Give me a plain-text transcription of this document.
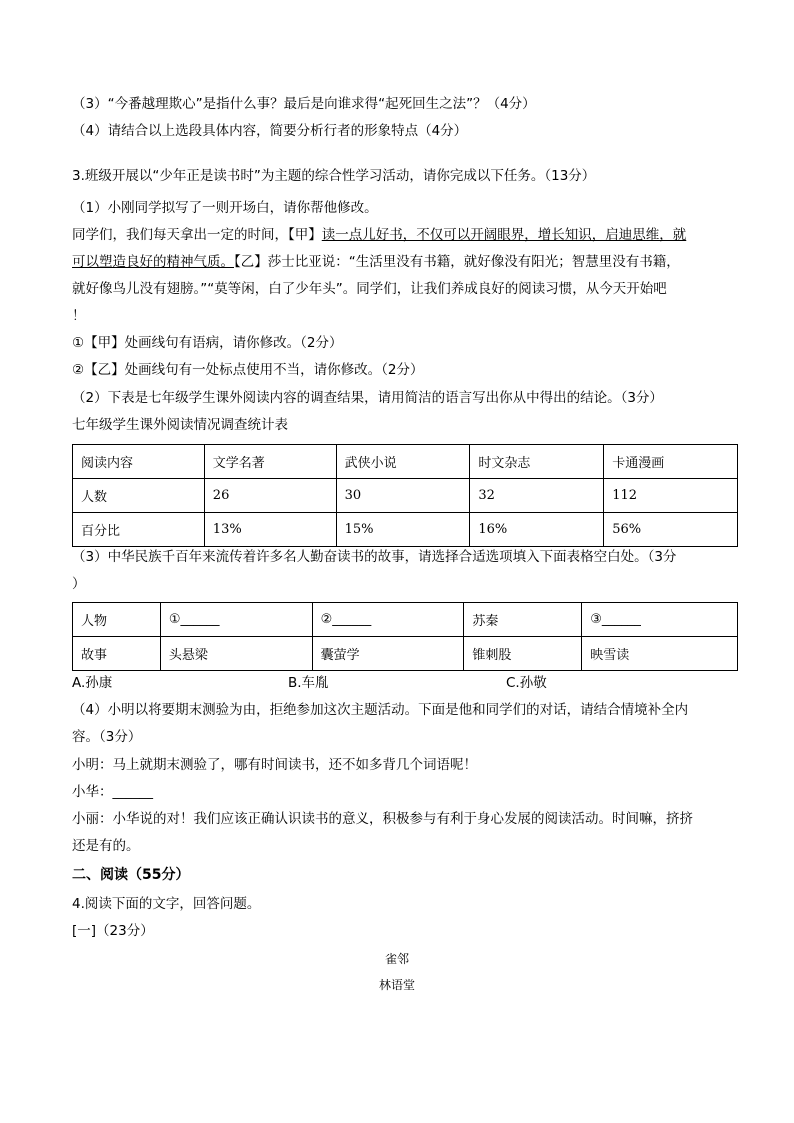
（3）“今番越理欺心”是指什么事？最后是向谁求得“起死回生之法”？（4分）
（4）请结合以上选段具体内容，简要分析行者的形象特点（4分）
3.班级开展以“少年正是读书时”为主题的综合性学习活动，请你完成以下任务。（13分）
（1）小刚同学拟写了一则开场白，请你帮他修改。
同学们，我们每天拿出一定的时间，【甲】读一点儿好书，不仅可以开阔眼界，增长知识，启迪思维，就
可以塑造良好的精神气质。【乙】莎士比亚说：“生活里没有书籍，就好像没有阳光；智慧里没有书籍，
就好像鸟儿没有翅膀。”“莫等闲，白了少年头”。同学们，让我们养成良好的阅读习惯，从今天开始吧
！
①【甲】处画线句有语病，请你修改。（2分）
②【乙】处画线句有一处标点使用不当，请你修改。（2分）
（2）下表是七年级学生课外阅读内容的调查结果，请用简洁的语言写出你从中得出的结论。（3分）
七年级学生课外阅读情况调查统计表
阅读内容	文学名著	武侠小说	时文杂志	卡通漫画
人数	26	30	32	112
百分比	13%	15%	16%	56%
（3）中华民族千百年来流传着许多名人勤奋读书的故事，请选择合适选项填入下面表格空白处。（3分
）
人物	①______	②______	苏秦	③______
故事	头悬梁	囊萤学	锥刺股	映雪读
A.孙康	B.车胤	C.孙敬
（4）小明以将要期末测验为由，拒绝参加这次主题活动。下面是他和同学们的对话，请结合情境补全内
容。（3分）
小明：马上就期末测验了，哪有时间读书，还不如多背几个词语呢！
小华：______
小丽：小华说的对！我们应该正确认识读书的意义，积极参与有利于身心发展的阅读活动。时间嘛，挤挤
还是有的。
二、阅读（55分）
4.阅读下面的文字，回答问题。
[一]（23分）
雀邻
林语堂
